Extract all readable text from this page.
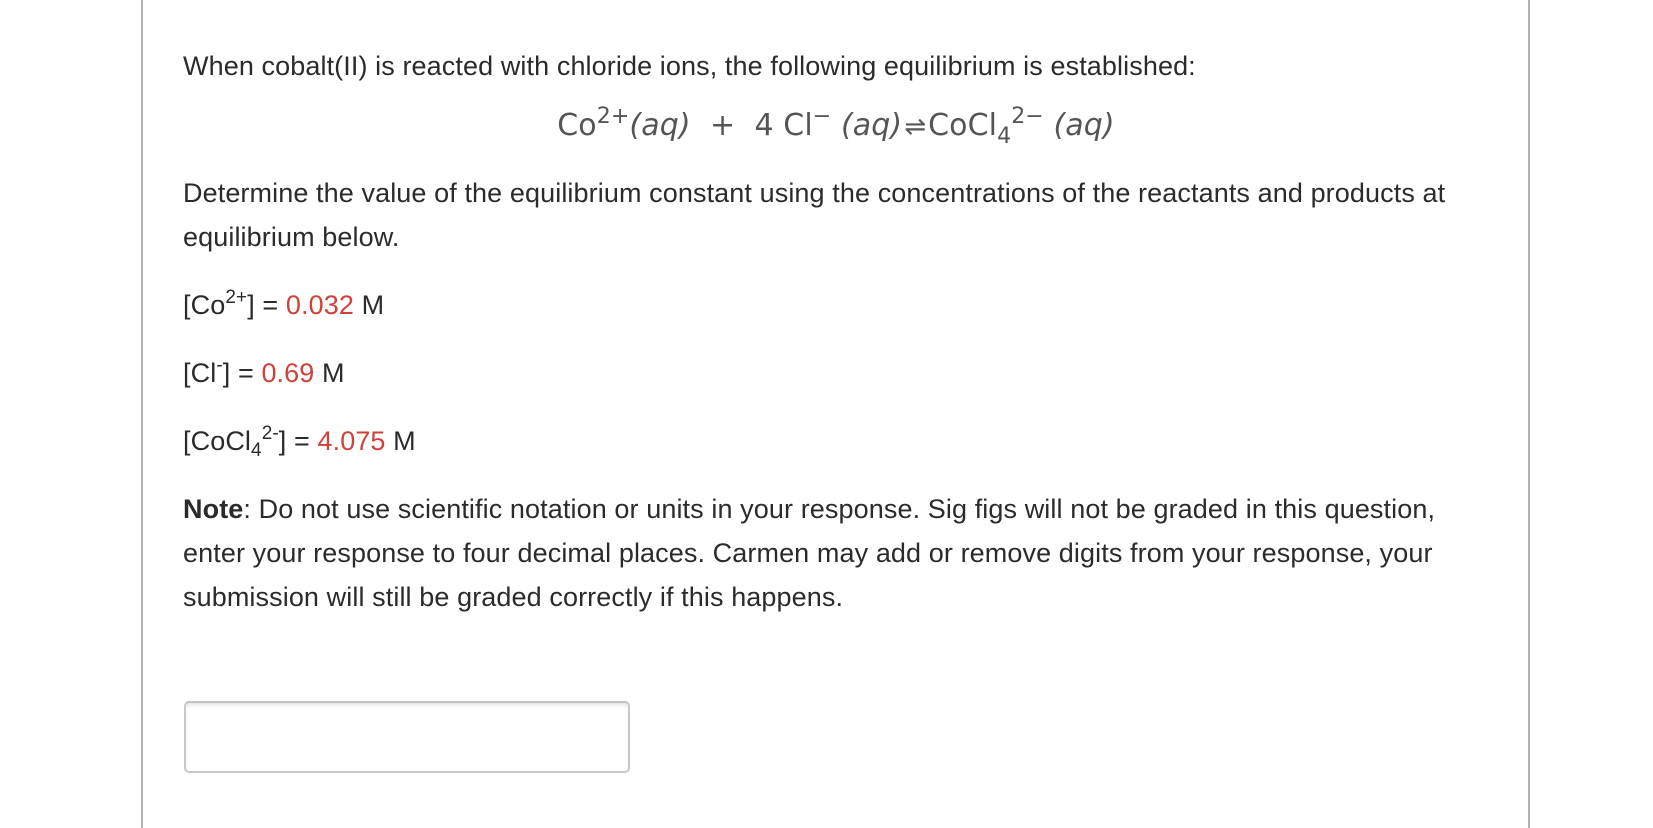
When cobalt(II) is reacted with chloride ions, the following equilibrium is established:

$Co^{2+}(aq) + 4$ Cl− (aq)⇌CoCl$_4^{2-}$ (aq)

Determine the value of the equilibrium constant using the concentrations of the reactants and products at equilibrium below.

$[Co^{2+}] = 0.032$ M

[Cl-] = 0.69 M

[CoCl$_4^{2-}$] = 4.075 M

Note: Do not use scientific notation or units in your response. Sig figs will not be graded in this question, enter your response to four decimal places. Carmen may add or remove digits from your response, your submission will still be graded correctly if this happens.
